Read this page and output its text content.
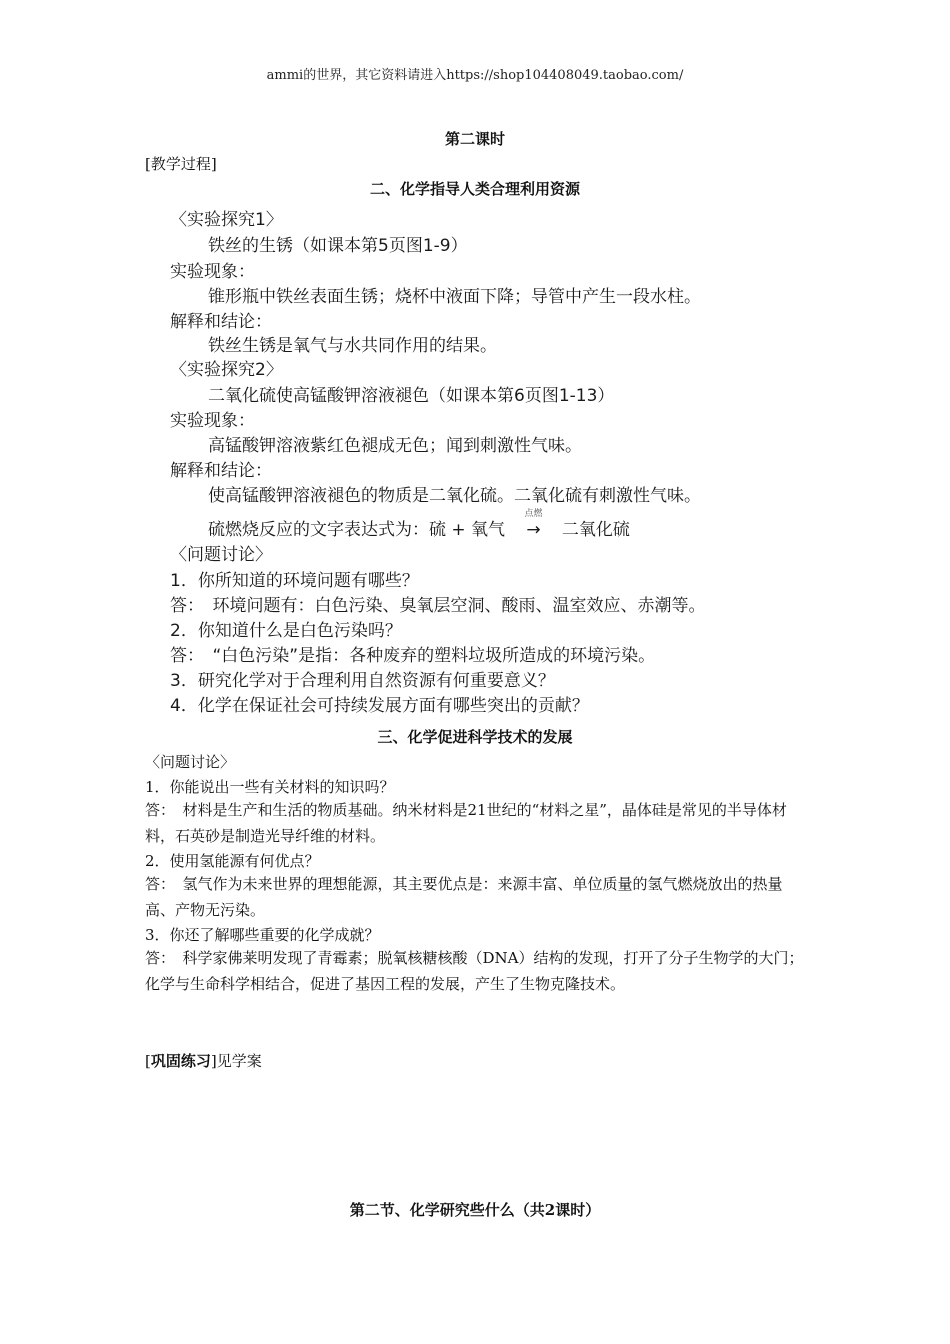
ammi的世界，其它资料请进入https://shop104408049.taobao.com/
第二课时
[教学过程]
二、化学指导人类合理利用资源
〈实验探究1〉
铁丝的生锈（如课本第5页图1-9）
实验现象：
锥形瓶中铁丝表面生锈；烧杯中液面下降；导管中产生一段水柱。
解释和结论：
铁丝生锈是氧气与水共同作用的结果。
〈实验探究2〉
二氧化硫使高锰酸钾溶液褪色（如课本第6页图1-13）
实验现象：
高锰酸钾溶液紫红色褪成无色；闻到刺激性气味。
解释和结论：
使高锰酸钾溶液褪色的物质是二氧化硫。二氧化硫有刺激性气味。
硫燃烧反应的文字表达式为：硫 + 氧气
点燃
→ 二氧化硫
〈问题讨论〉
1．你所知道的环境问题有哪些？
答：　环境问题有：白色污染、臭氧层空洞、酸雨、温室效应、赤潮等。
2．你知道什么是白色污染吗？
答：　“白色污染”是指：各种废弃的塑料垃圾所造成的环境污染。
3．研究化学对于合理利用自然资源有何重要意义？
4．化学在保证社会可持续发展方面有哪些突出的贡献？
三、化学促进科学技术的发展
〈问题讨论〉
1．你能说出一些有关材料的知识吗？
答：　材料是生产和生活的物质基础。纳米材料是21世纪的“材料之星”，晶体硅是常见的半导体材料，石英砂是制造光导纤维的材料。
2．使用氢能源有何优点？
答：　氢气作为未来世界的理想能源，其主要优点是：来源丰富、单位质量的氢气燃烧放出的热量高、产物无污染。
3．你还了解哪些重要的化学成就？
答：　科学家佛莱明发现了青霉素；脱氧核糖核酸（DNA）结构的发现，打开了分子生物学的大门；化学与生命科学相结合，促进了基因工程的发展，产生了生物克隆技术。
[巩固练习]见学案
第二节、化学研究些什么（共2课时）
